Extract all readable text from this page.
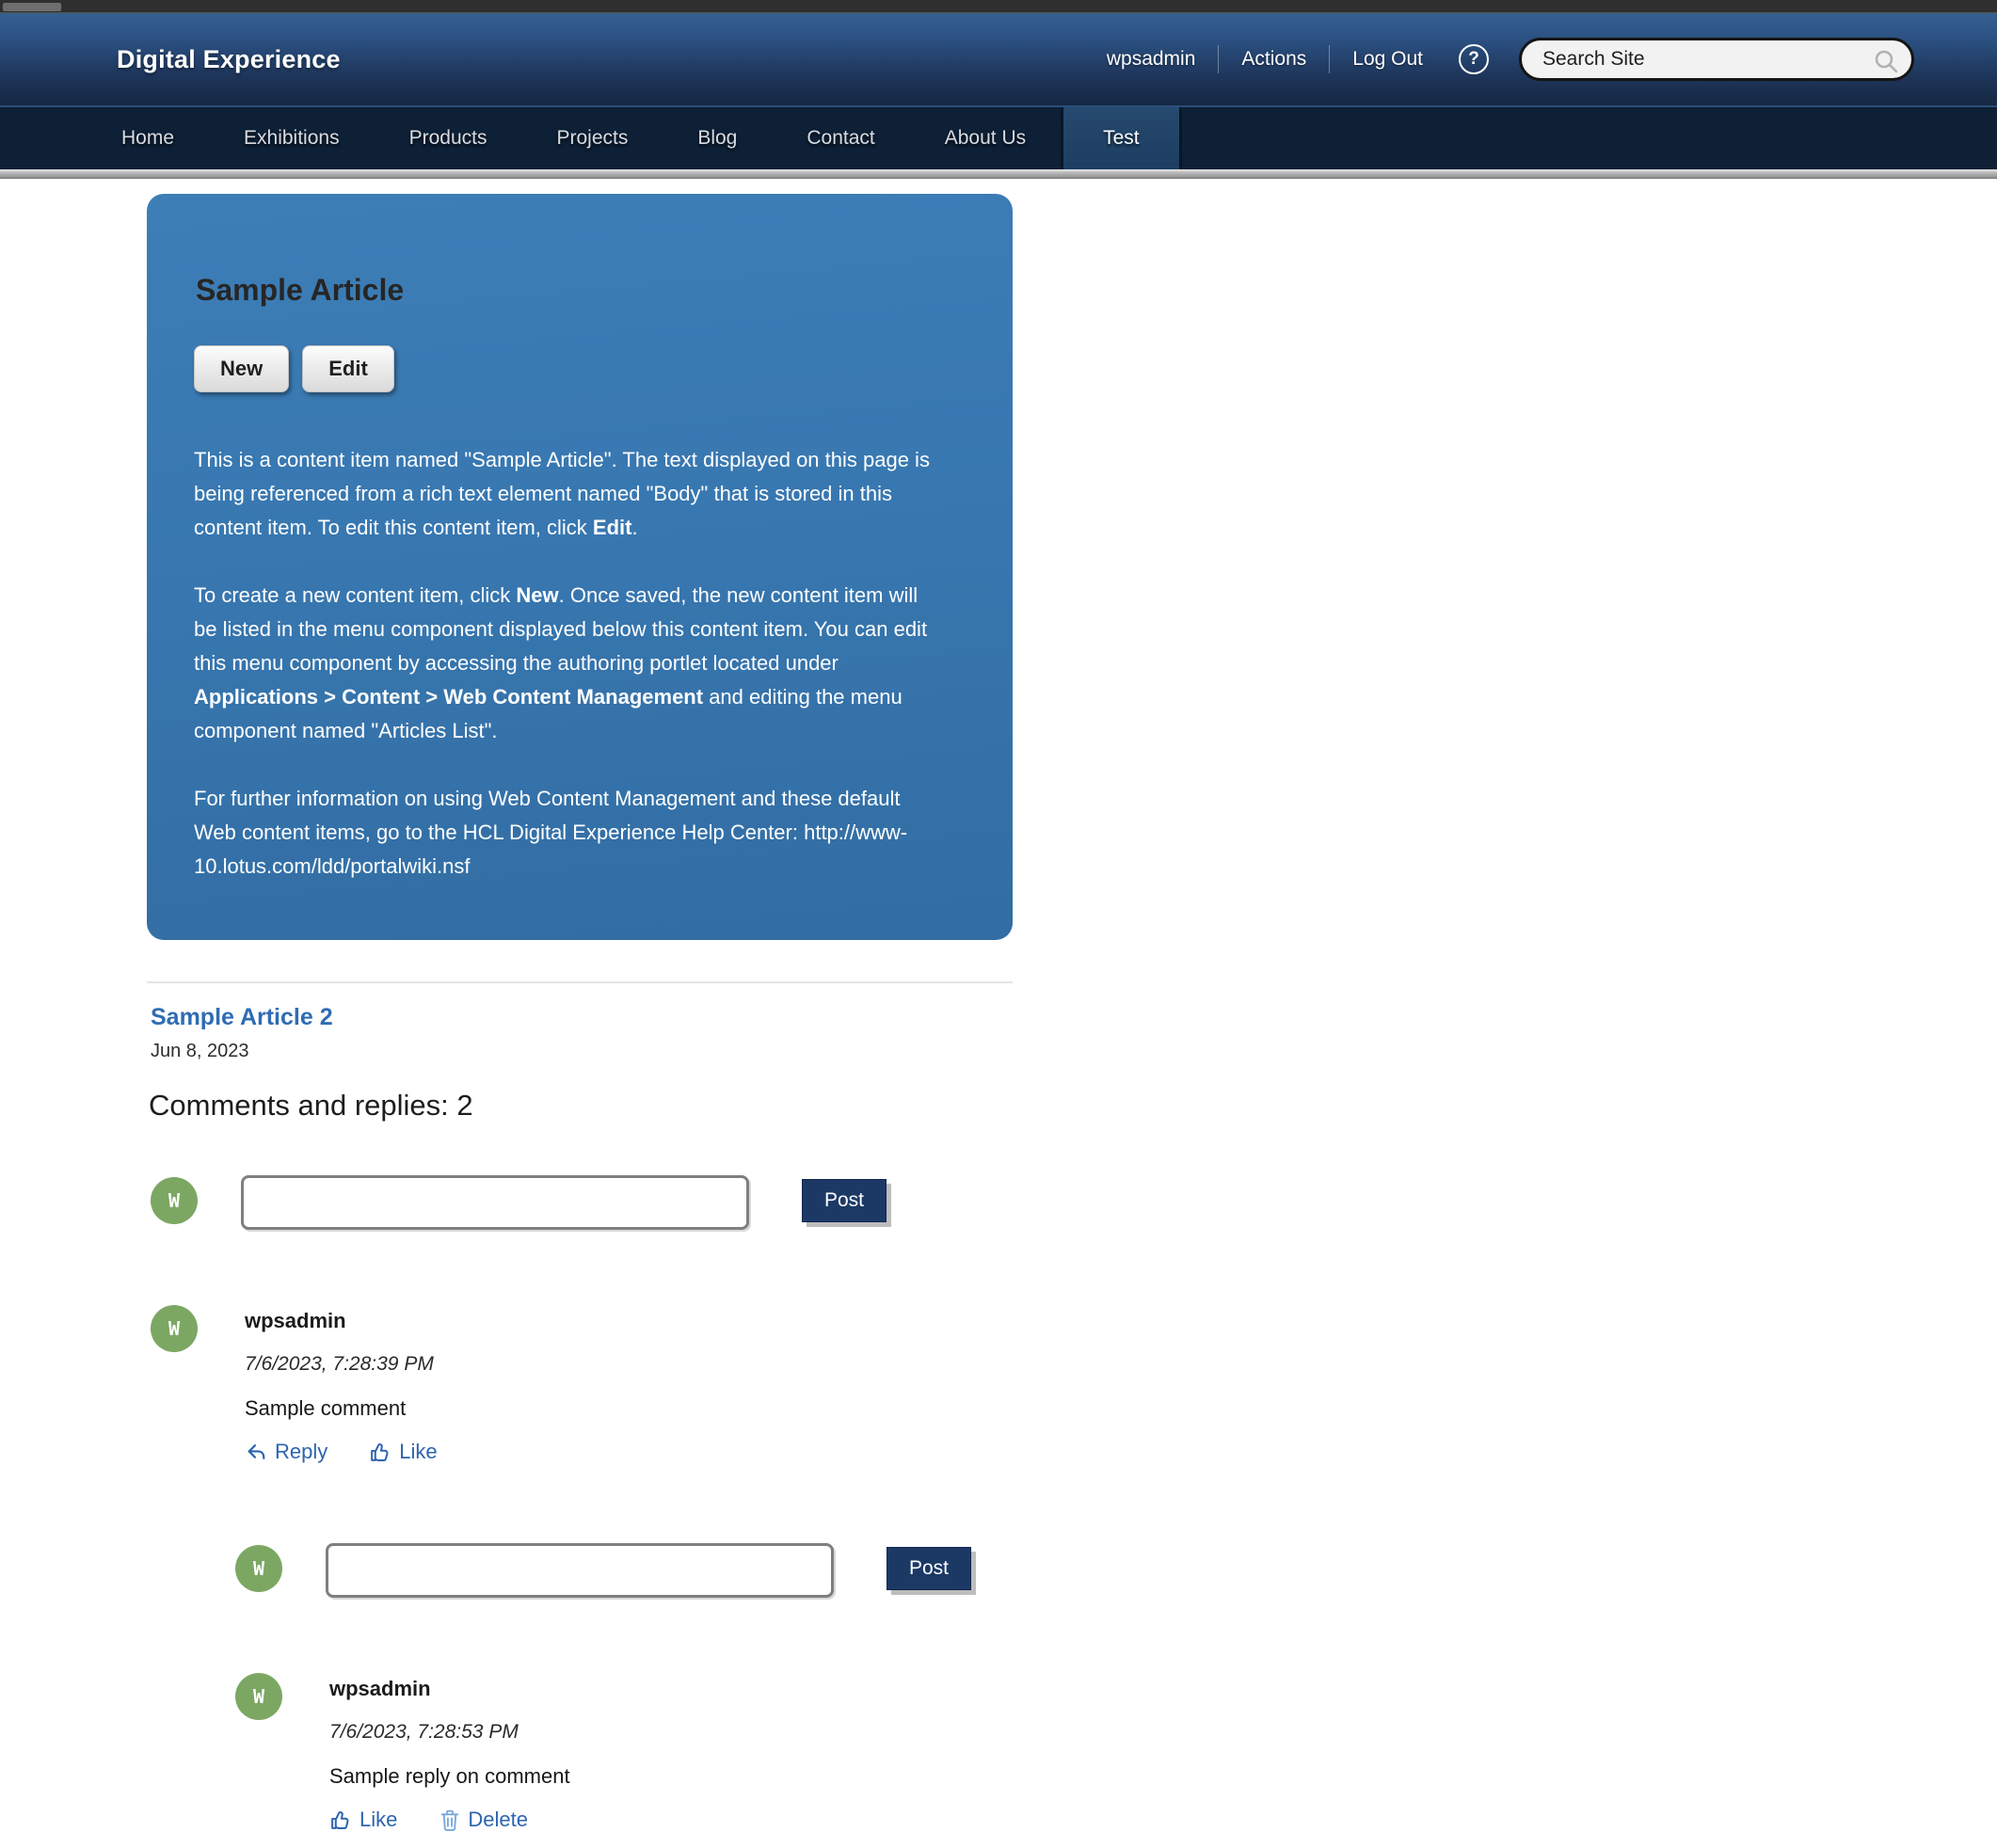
Digital Experience	wpsadmin	Actions	Log Out	?
Search Site
Home	Exhibitions	Products	Projects	Blog	Contact	About Us	Test
Sample Article
New	Edit

This is a content item named "Sample Article". The text displayed on this page is being referenced from a rich text element named "Body" that is stored in this content item. To edit this content item, click Edit.

To create a new content item, click New. Once saved, the new content item will be listed in the menu component displayed below this content item. You can edit this menu component by accessing the authoring portlet located under Applications > Content > Web Content Management and editing the menu component named "Articles List".

For further information on using Web Content Management and these default Web content items, go to the HCL Digital Experience Help Center: http://www-10.lotus.com/ldd/portalwiki.nsf

Sample Article 2
Jun 8, 2023
Comments and replies: 2
W	Post
W	wpsadmin
7/6/2023, 7:28:39 PM
Sample comment
Reply	Like
W	Post
W	wpsadmin
7/6/2023, 7:28:53 PM
Sample reply on comment
Like	Delete
